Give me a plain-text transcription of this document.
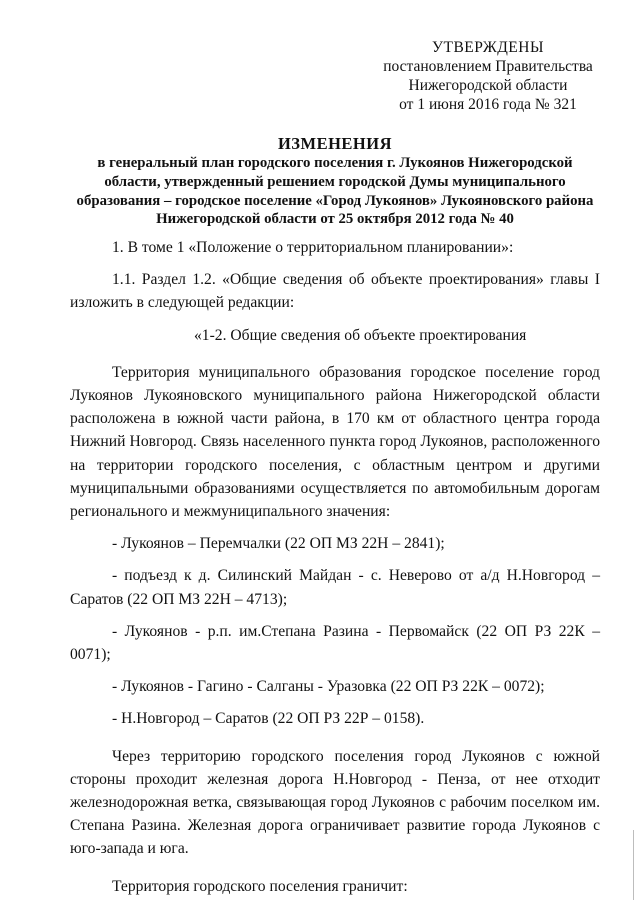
УТВЕРЖДЕНЫ
постановлением Правительства
Нижегородской области
от 1 июня 2016 года № 321
ИЗМЕНЕНИЯ
в генеральный план городского поселения г. Лукоянов Нижегородской области, утвержденный решением городской Думы муниципального образования – городское поселение «Город Лукоянов» Лукояновского района Нижегородской области от 25 октября 2012 года № 40

1. В томе 1 «Положение о территориальном планировании»:

1.1. Раздел 1.2. «Общие сведения об объекте проектирования» главы I изложить в следующей редакции:

«1-2. Общие сведения об объекте проектирования

Территория муниципального образования городское поселение город Лукоянов Лукояновского муниципального района Нижегородской области расположена в южной части района, в 170 км от областного центра города Нижний Новгород. Связь населенного пункта город Лукоянов, расположенного на территории городского поселения, с областным центром и другими муниципальными образованиями осуществляется по автомобильным дорогам регионального и межмуниципального значения:

- Лукоянов – Перемчалки (22 ОП МЗ 22Н – 2841);

- подъезд к д. Силинский Майдан - с. Неверово от а/д Н.Новгород – Саратов (22 ОП МЗ 22Н – 4713);

- Лукоянов - р.п. им.Степана Разина - Первомайск (22 ОП РЗ 22К – 0071);

- Лукоянов - Гагино - Салганы - Уразовка (22 ОП РЗ 22К – 0072);

- Н.Новгород – Саратов (22 ОП РЗ 22Р – 0158).

Через территорию городского поселения город Лукоянов с южной стороны проходит железная дорога Н.Новгород - Пенза, от нее отходит железнодорожная ветка, связывающая город Лукоянов с рабочим поселком им. Степана Разина. Железная дорога ограничивает развитие города Лукоянов с юго-запада и юга.

Территория городского поселения граничит:
